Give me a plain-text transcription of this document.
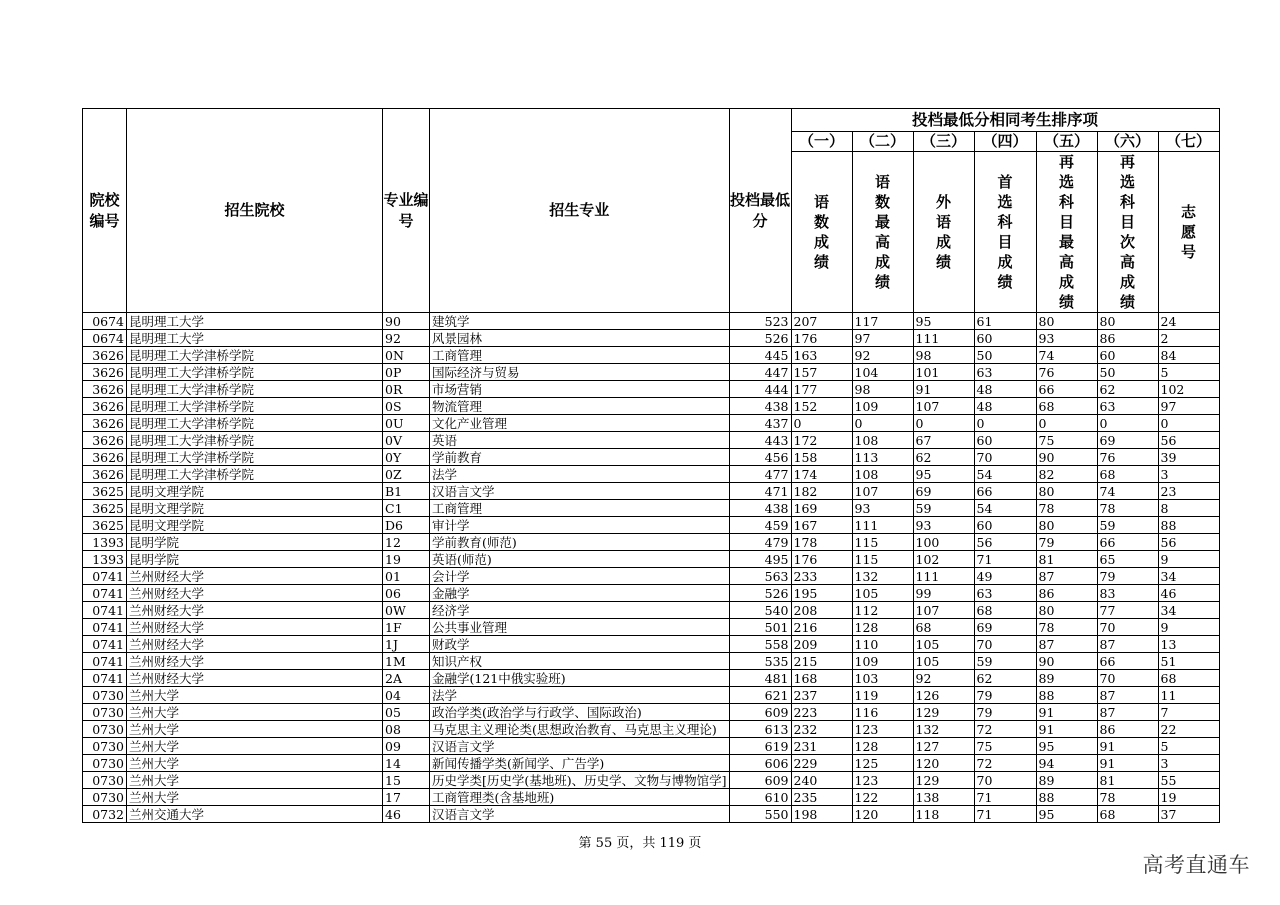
院校编号	招生院校	专业编号	招生专业	投档最低分	投档最低分相同考生排序项						
					（一）	（二）	（三）	（四）	（五）	（六）	（七）
					语数成绩	语数最高成绩	外语成绩	首选科目成绩	再选科目最高成绩	再选科目次高成绩	志愿号
0674	昆明理工大学	90	建筑学	523	207	117	95	61	80	80	24
0674	昆明理工大学	92	风景园林	526	176	97	111	60	93	86	2
3626	昆明理工大学津桥学院	0N	工商管理	445	163	92	98	50	74	60	84
3626	昆明理工大学津桥学院	0P	国际经济与贸易	447	157	104	101	63	76	50	5
3626	昆明理工大学津桥学院	0R	市场营销	444	177	98	91	48	66	62	102
3626	昆明理工大学津桥学院	0S	物流管理	438	152	109	107	48	68	63	97
3626	昆明理工大学津桥学院	0U	文化产业管理	437	0	0	0	0	0	0	0
3626	昆明理工大学津桥学院	0V	英语	443	172	108	67	60	75	69	56
3626	昆明理工大学津桥学院	0Y	学前教育	456	158	113	62	70	90	76	39
3626	昆明理工大学津桥学院	0Z	法学	477	174	108	95	54	82	68	3
3625	昆明文理学院	B1	汉语言文学	471	182	107	69	66	80	74	23
3625	昆明文理学院	C1	工商管理	438	169	93	59	54	78	78	8
3625	昆明文理学院	D6	审计学	459	167	111	93	60	80	59	88
1393	昆明学院	12	学前教育(师范)	479	178	115	100	56	79	66	56
1393	昆明学院	19	英语(师范)	495	176	115	102	71	81	65	9
0741	兰州财经大学	01	会计学	563	233	132	111	49	87	79	34
0741	兰州财经大学	06	金融学	526	195	105	99	63	86	83	46
0741	兰州财经大学	0W	经济学	540	208	112	107	68	80	77	34
0741	兰州财经大学	1F	公共事业管理	501	216	128	68	69	78	70	9
0741	兰州财经大学	1J	财政学	558	209	110	105	70	87	87	13
0741	兰州财经大学	1M	知识产权	535	215	109	105	59	90	66	51
0741	兰州财经大学	2A	金融学(121中俄实验班)	481	168	103	92	62	89	70	68
0730	兰州大学	04	法学	621	237	119	126	79	88	87	11
0730	兰州大学	05	政治学类(政治学与行政学、国际政治)	609	223	116	129	79	91	87	7
0730	兰州大学	08	马克思主义理论类(思想政治教育、马克思主义理论)	613	232	123	132	72	91	86	22
0730	兰州大学	09	汉语言文学	619	231	128	127	75	95	91	5
0730	兰州大学	14	新闻传播学类(新闻学、广告学)	606	229	125	120	72	94	91	3
0730	兰州大学	15	历史学类[历史学(基地班)、历史学、文物与博物馆学]	609	240	123	129	70	89	81	55
0730	兰州大学	17	工商管理类(含基地班)	610	235	122	138	71	88	78	19
0732	兰州交通大学	46	汉语言文学	550	198	120	118	71	95	68	37
第 55 页，共 119 页
高考直通车
